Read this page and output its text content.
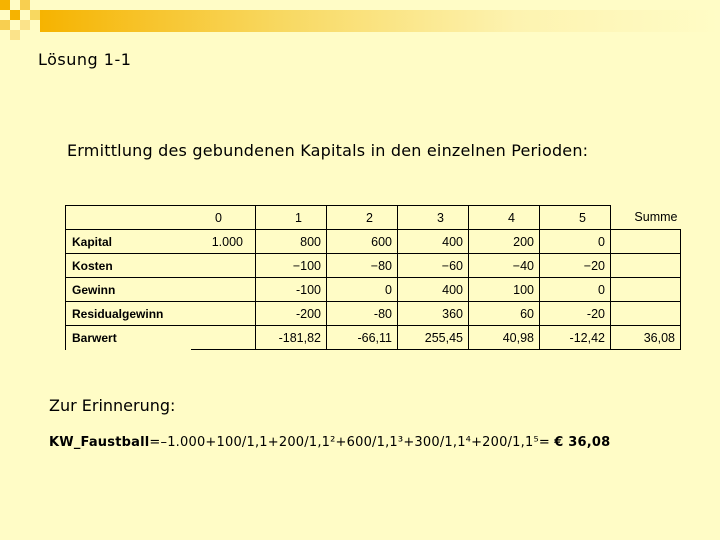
Lösung 1-1
Ermittlung des gebundenen Kapitals in den einzelnen Perioden:
	0	1	2	3	4	5	Summe
Kapital	1.000	800	600	400	200	0	
Kosten		−100	−80	−60	−40	−20	
Gewinn		-100	0	400	100	0	
Residualgewinn		-200	-80	360	60	-20	
Barwert		-181,82	-66,11	255,45	40,98	-12,42	36,08
Zur Erinnerung:
KW_Faustball=–1.000+100/1,1+200/1,1²+600/1,1³+300/1,1⁴+200/1,1⁵= € 36,08
